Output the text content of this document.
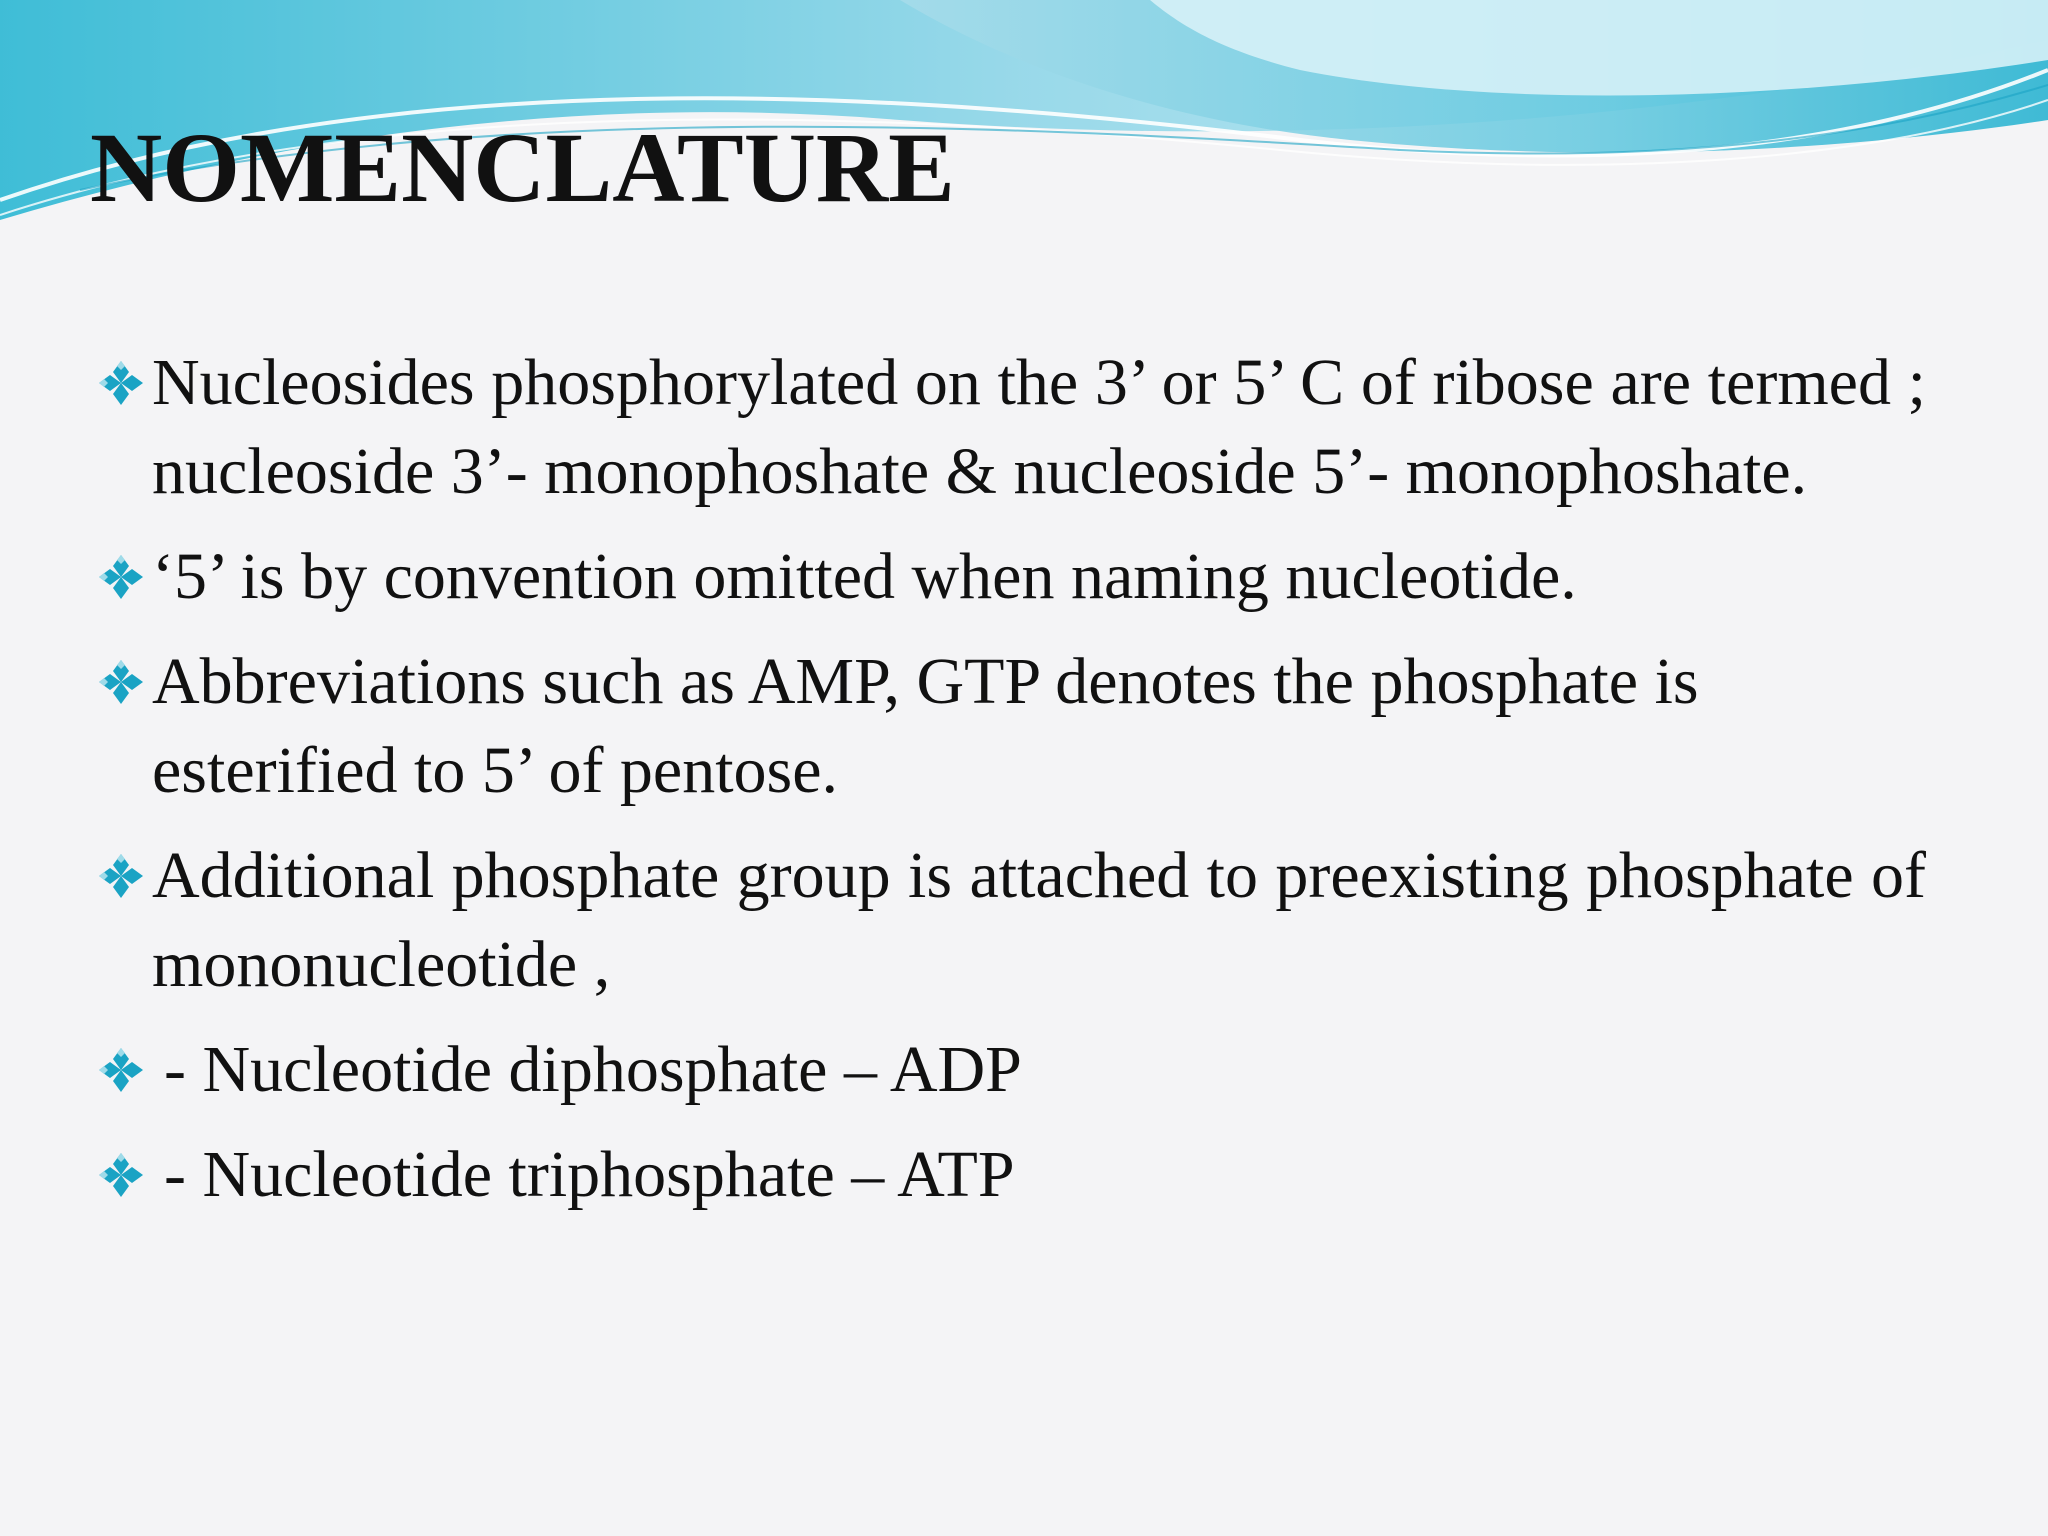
NOMENCLATURE
Nucleosides phosphorylated on the 3’ or 5’ C of ribose are termed ; nucleoside 3’- monophoshate & nucleoside 5’- monophoshate.
‘5’ is by convention omitted when naming nucleotide.
Abbreviations such as AMP, GTP denotes the phosphate is esterified to 5’ of pentose.
Additional phosphate group is attached to preexisting phosphate of mononucleotide ,
- Nucleotide diphosphate – ADP
- Nucleotide triphosphate – ATP
